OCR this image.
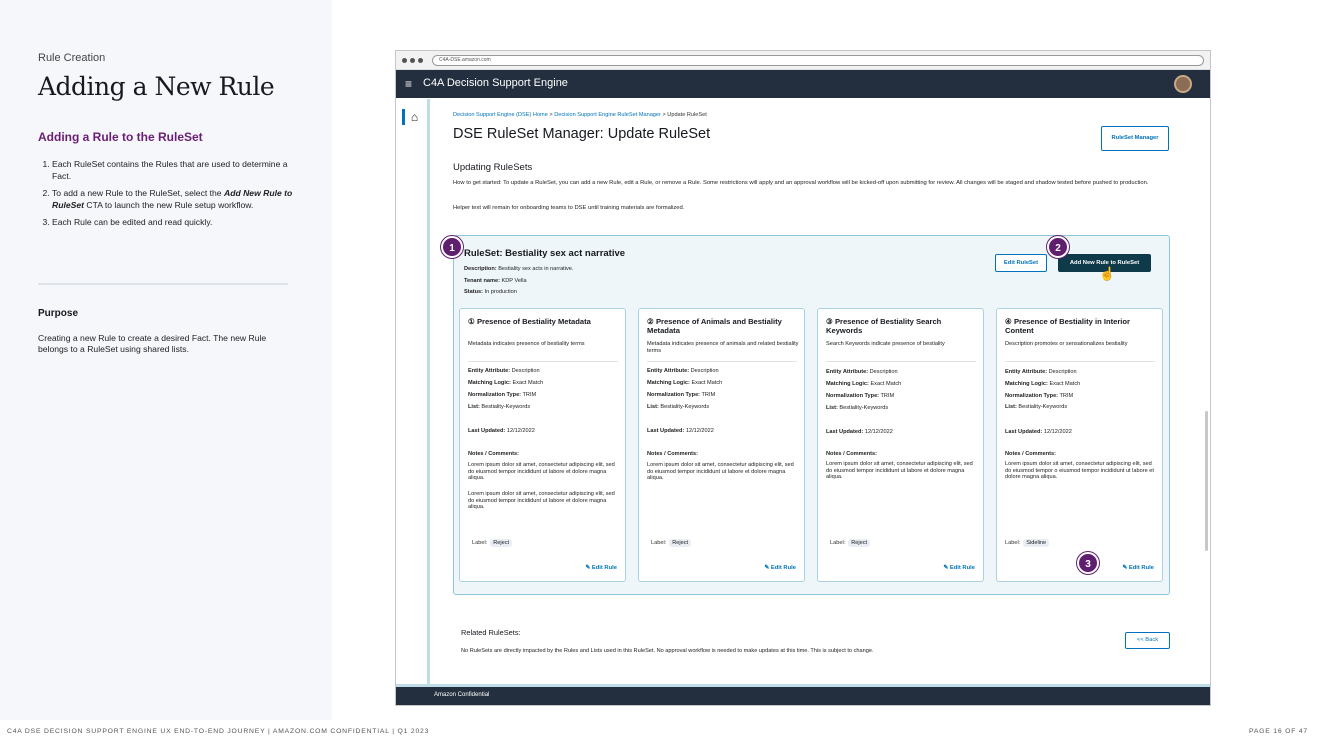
Rule Creation
Adding a New Rule
Adding a Rule to the RuleSet
1. Each RuleSet contains the Rules that are used to determine a Fact.
2. To add a new Rule to the RuleSet, select the Add New Rule to RuleSet CTA to launch the new Rule setup workflow.
3. Each Rule can be edited and read quickly.
Purpose
Creating a new Rule to create a desired Fact. The new Rule belongs to a RuleSet using shared lists.
C4A-DSE.amazon.com
≡ C4A Decision Support Engine
⌂	Decision Support Engine (DSE) Home > Decision Support Engine RuleSet Manager > Update RuleSet
DSE RuleSet Manager: Update RuleSet	RuleSet Manager
Updating RuleSets
How to get started: To update a RuleSet, you can add a new Rule, edit a Rule, or remove a Rule. Some restrictions will apply and an approval workflow will be kicked-off upon submitting for review. All changes will be staged and shadow tested before pushed to production.
Helper text will remain for onboarding teams to DSE until training materials are formalized.
RuleSet: Bestiality sex act narrative
Description: Bestiality sex acts in narrative.
Tenant name: KDP Vella
Status: In production
Edit RuleSet	Add New Rule to RuleSet
☝
① Presence of Bestiality Metadata
Metadata indicates presence of bestiality terms
Entity Attribute: Description
Matching Logic: Exact Match
Normalization Type: TRIM
List: Bestiality-Keywords
Last Updated: 12/12/2022
Notes / Comments:
Lorem ipsum dolor sit amet, consectetur adipiscing elit, sed do eiusmod tempor incididunt ut labore et dolore magna aliqua.
Lorem ipsum dolor sit amet, consectetur adipiscing elit, sed do eiusmod tempor incididunt ut labore et dolore magna aliqua.
Label: Reject
✎ Edit Rule
② Presence of Animals and Bestiality Metadata
Metadata indicates presence of animals and related bestiality terms
Entity Attribute: Description
Matching Logic: Exact Match
Normalization Type: TRIM
List: Bestiality-Keywords
Last Updated: 12/12/2022
Notes / Comments:
Lorem ipsum dolor sit amet, consectetur adipiscing elit, sed do eiusmod tempor incididunt ut labore et dolore magna aliqua.
Label: Reject
✎ Edit Rule
③ Presence of Bestiality Search Keywords
Search Keywords indicate presence of bestiality
Entity Attribute: Description
Matching Logic: Exact Match
Normalization Type: TRIM
List: Bestiality-Keywords
Last Updated: 12/12/2022
Notes / Comments:
Lorem ipsum dolor sit amet, consectetur adipiscing elit, sed do eiusmod tempor incididunt ut labore et dolore magna aliqua.
Label: Reject
✎ Edit Rule
④ Presence of Bestiality in Interior Content
Description promotes or sensationalizes bestiality
Entity Attribute: Description
Matching Logic: Exact Match
Normalization Type: TRIM
List: Bestiality-Keywords
Last Updated: 12/12/2022
Notes / Comments:
Lorem ipsum dolor sit amet, consectetur adipiscing elit, sed do eiusmod tempor o eiusmod tempor incididunt ut labore et dolore magna aliqua.
Label: Sideline
✎ Edit Rule
Related RuleSets:
No RuleSets are directly impacted by the Rules and Lists used in this RuleSet. No approval workflow is needed to make updates at this time. This is subject to change.
<< Back
Amazon Confidential
1	2
3
C4A DSE DECISION SUPPORT ENGINE UX END-TO-END JOURNEY | AMAZON.COM CONFIDENTIAL | Q1 2023	PAGE 16 OF 47
